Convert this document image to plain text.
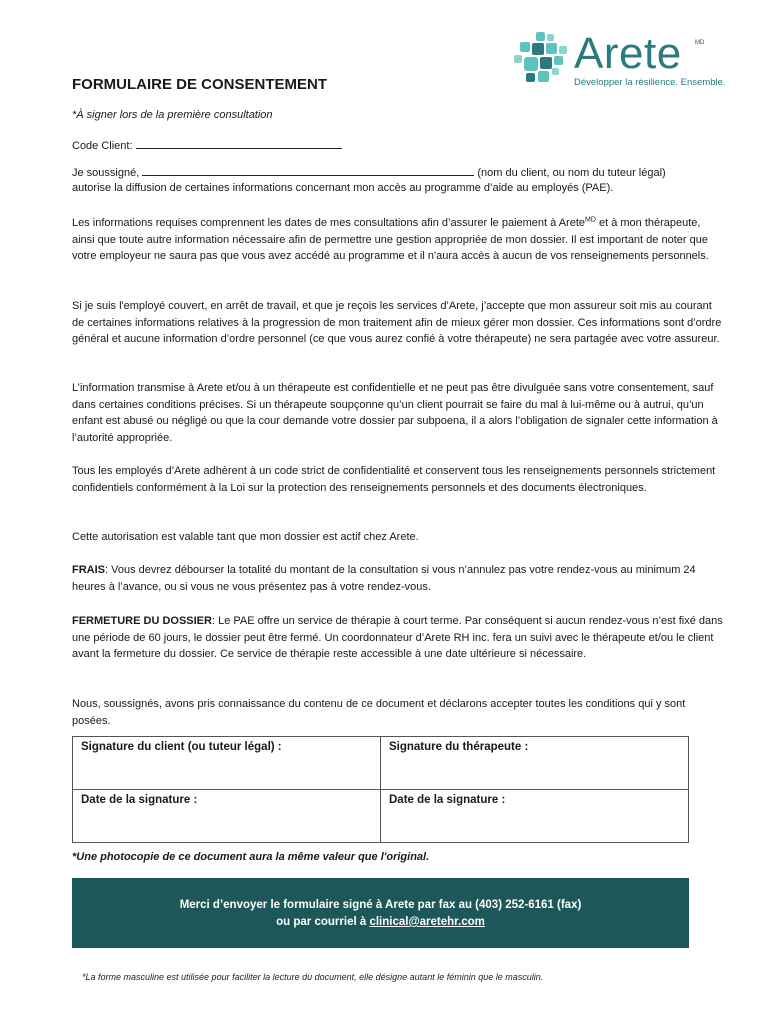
Arete MD
Développer la résilience. Ensemble.
FORMULAIRE DE CONSENTEMENT
*À signer lors de la première consultation
Code Client:
Je soussigné,	(nom du client, ou nom du tuteur légal)
autorise la diffusion de certaines informations concernant mon accès au programme d’aide au employés (PAE).
Les informations requises comprennent les dates de mes consultations afin d’assurer le paiement à Arete$^{MD}$ et à mon thérapeute, ainsi que toute autre information nécessaire afin de permettre une gestion appropriée de mon dossier. Il est important de noter que votre employeur ne saura pas que vous avez accédé au programme et il n'aura accès à aucun de vos renseignements personnels.
Si je suis l'employé couvert, en arrêt de travail, et que je reçois les services d’Arete, j’accepte que mon assureur soit mis au courant de certaines informations relatives à la progression de mon traitement afin de mieux gérer mon dossier. Ces informations sont d’ordre général et aucune information d’ordre personnel (ce que vous aurez confié à votre thérapeute) ne sera partagée avec votre assureur.
L’information transmise à Arete et/ou à un thérapeute est confidentielle et ne peut pas être divulguée sans votre consentement, sauf dans certaines conditions précises. Si un thérapeute soupçonne qu’un client pourrait se faire du mal à lui-même ou à autrui, qu’un enfant est abusé ou négligé ou que la cour demande votre dossier par subpoena, il a alors l’obligation de signaler cette information à l’autorité appropriée.
Tous les employés d’Arete adhèrent à un code strict de confidentialité et conservent tous les renseignements personnels strictement confidentiels conformément à la Loi sur la protection des renseignements personnels et des documents électroniques.
Cette autorisation est valable tant que mon dossier est actif chez Arete.
FRAIS: Vous devrez débourser la totalité du montant de la consultation si vous n’annulez pas votre rendez-vous au minimum 24 heures à l’avance, ou si vous ne vous présentez pas à votre rendez-vous.
FERMETURE DU DOSSIER: Le PAE offre un service de thérapie à court terme. Par conséquent si aucun rendez-vous n’est fixé dans une période de 60 jours, le dossier peut être fermé. Un coordonnateur d’Arete RH inc. fera un suivi avec le thérapeute et/ou le client avant la fermeture du dossier. Ce service de thérapie reste accessible à une date ultérieure si nécessaire.
Nous, soussignés, avons pris connaissance du contenu de ce document et déclarons accepter toutes les conditions qui y sont posées.
Signature du client (ou tuteur légal) :	Signature du thérapeute :
Date de la signature :	Date de la signature :
*Une photocopie de ce document aura la même valeur que l'original.
Merci d’envoyer le formulaire signé à Arete par fax au (403) 252-6161 (fax)
ou par courriel à clinical@aretehr.com
*La forme masculine est utilisée pour faciliter la lecture du document, elle désigne autant le féminin que le masculin.
